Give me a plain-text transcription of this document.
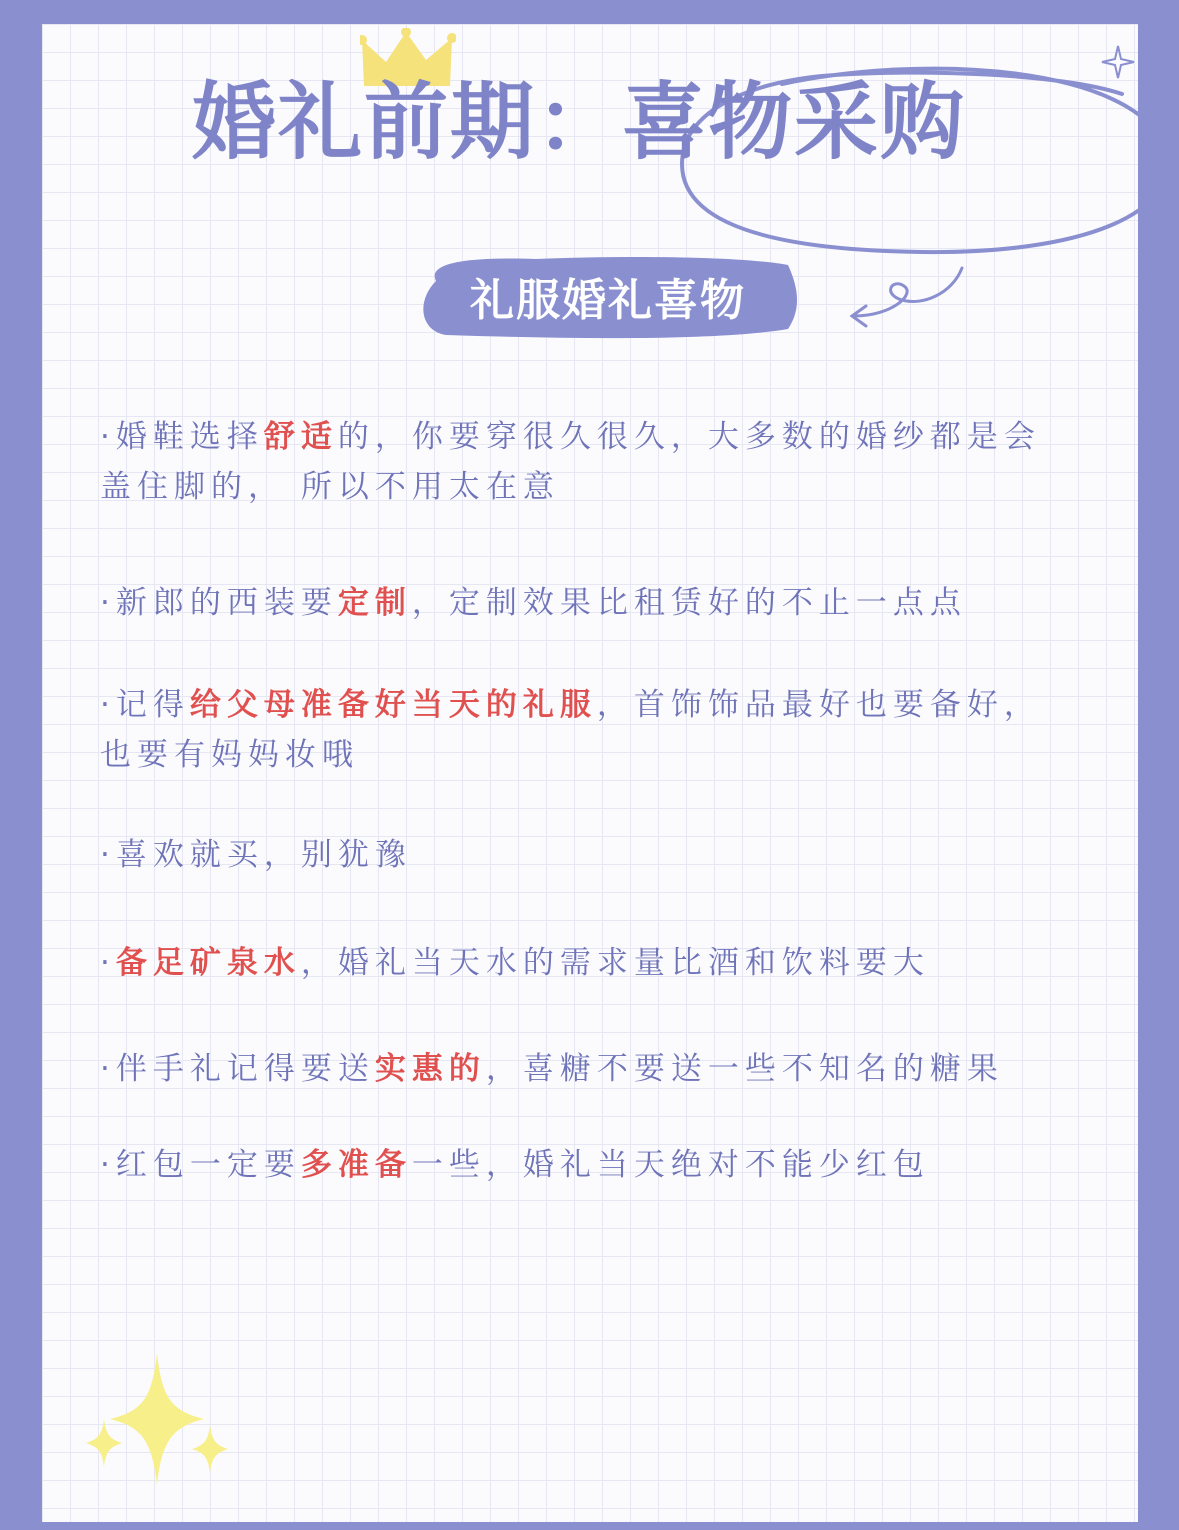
婚礼前期：喜物采购
礼服婚礼喜物
·婚鞋选择舒适的，你要穿很久很久，大多数的婚纱都是会盖住脚的， 所以不用太在意
·新郎的西装要定制，定制效果比租赁好的不止一点点
·记得给父母准备好当天的礼服，首饰饰品最好也要备好，也要有妈妈妆哦
·喜欢就买，别犹豫
·备足矿泉水，婚礼当天水的需求量比酒和饮料要大
·伴手礼记得要送实惠的，喜糖不要送一些不知名的糖果
·红包一定要多准备一些，婚礼当天绝对不能少红包
